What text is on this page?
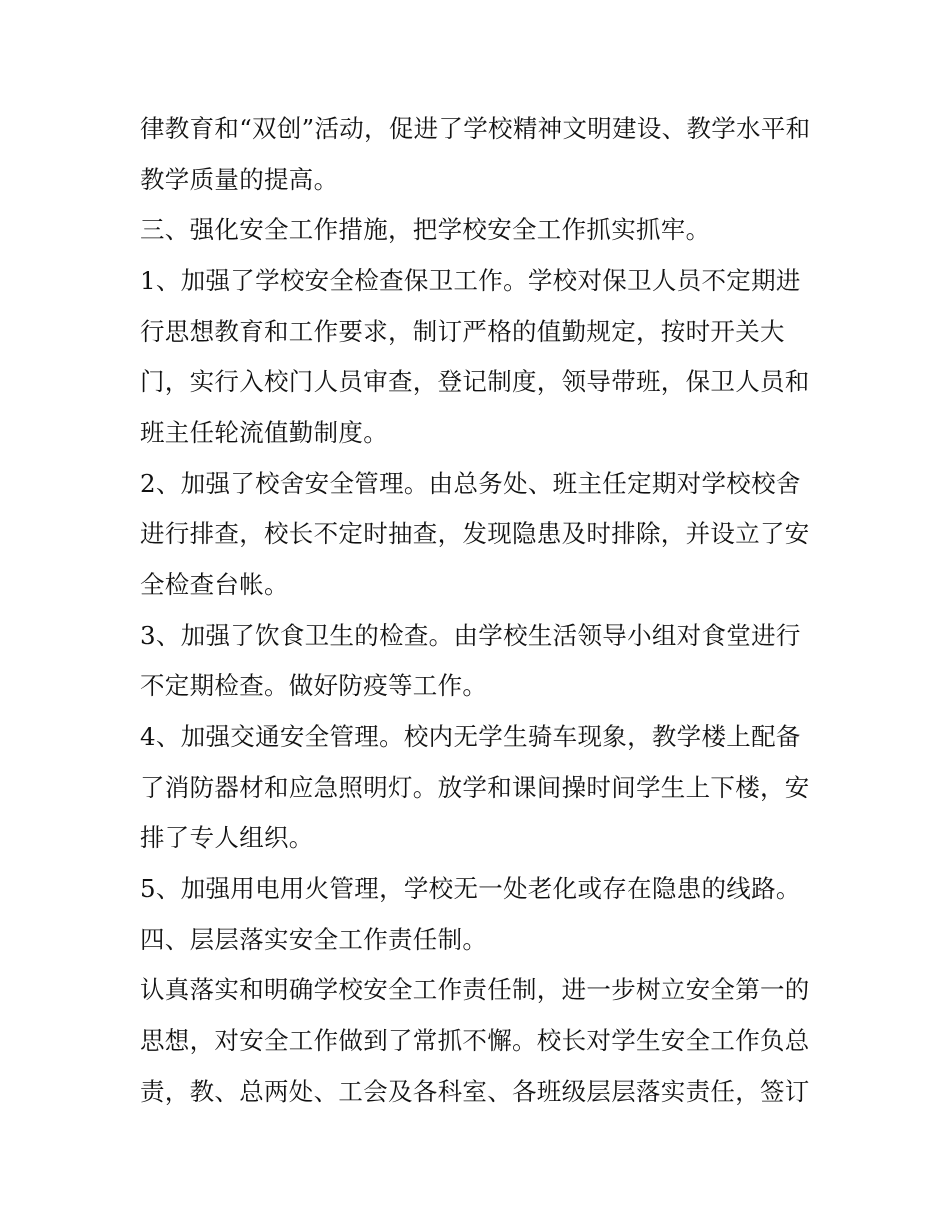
律教育和“双创”活动，促进了学校精神文明建设、教学水平和
教学质量的提高。
三、强化安全工作措施，把学校安全工作抓实抓牢。
1、加强了学校安全检查保卫工作。学校对保卫人员不定期进
行思想教育和工作要求，制订严格的值勤规定，按时开关大
门，实行入校门人员审查，登记制度，领导带班，保卫人员和
班主任轮流值勤制度。
2、加强了校舍安全管理。由总务处、班主任定期对学校校舍
进行排查，校长不定时抽查，发现隐患及时排除，并设立了安
全检查台帐。
3、加强了饮食卫生的检查。由学校生活领导小组对食堂进行
不定期检查。做好防疫等工作。
4、加强交通安全管理。校内无学生骑车现象，教学楼上配备
了消防器材和应急照明灯。放学和课间操时间学生上下楼，安
排了专人组织。
5、加强用电用火管理，学校无一处老化或存在隐患的线路。
四、层层落实安全工作责任制。
认真落实和明确学校安全工作责任制，进一步树立安全第一的
思想，对安全工作做到了常抓不懈。校长对学生安全工作负总
责，教、总两处、工会及各科室、各班级层层落实责任，签订
